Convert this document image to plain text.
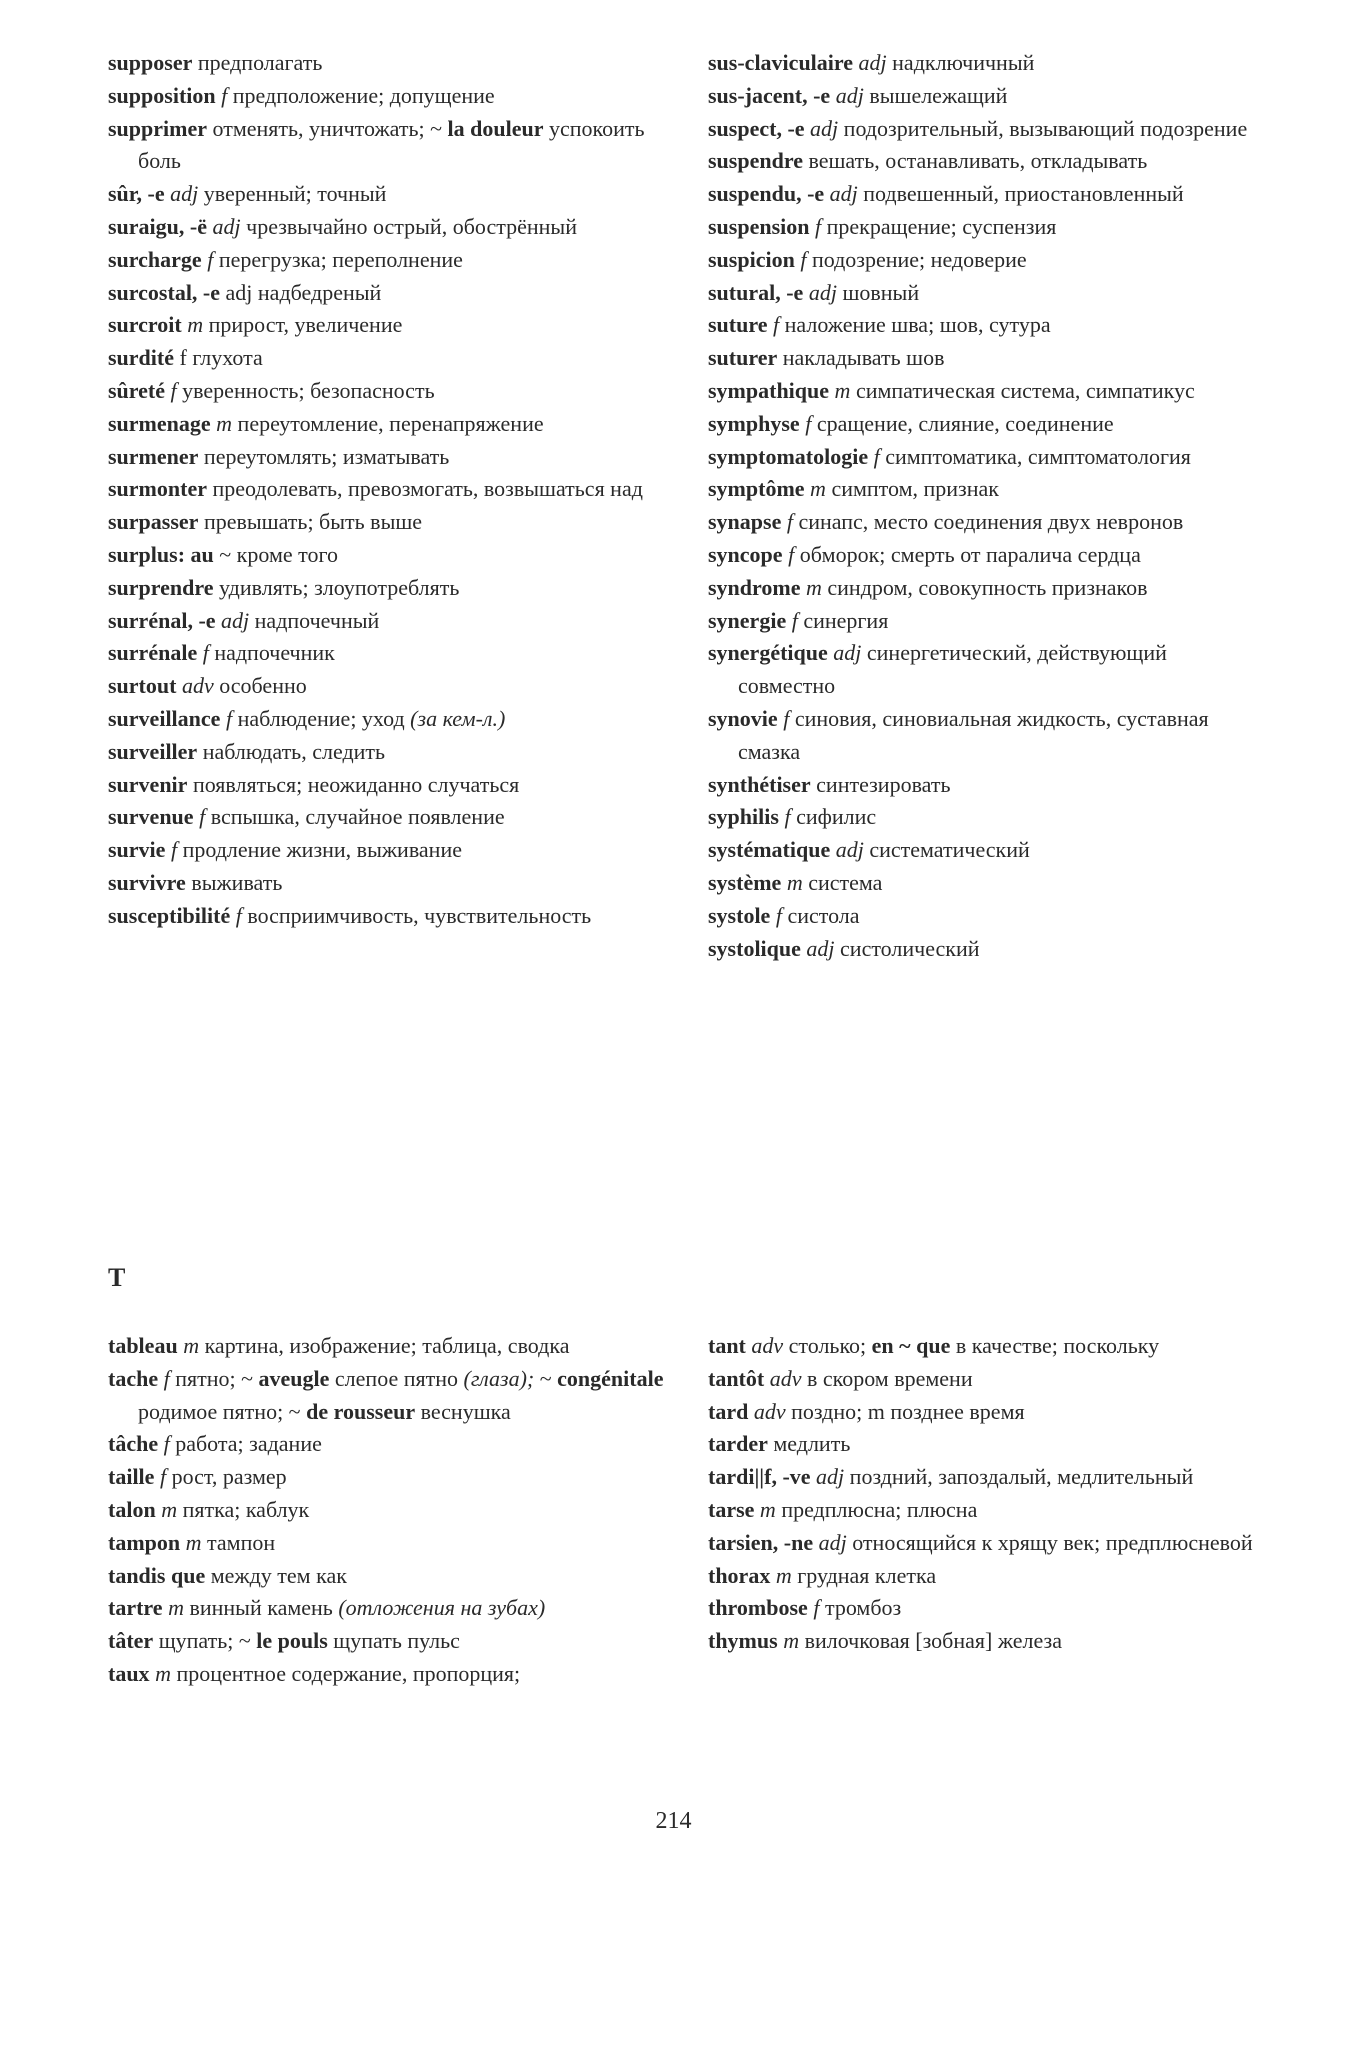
supposer предполагать
supposition f предположение; допущение
supprimer отменять, уничтожать; ~ la douleur успокоить боль
sûr, -e adj уверенный; точный
suraigu, -ë adj чрезвычайно острый, обострённый
surcharge f перегрузка; переполнение
surcostal, -e adj надбедреный
surcroit m прирост, увеличение
surdité f глухота
sûreté f уверенность; безопасность
surmenage m переутомление, перенапряжение
surmener переутомлять; изматывать
surmonter преодолевать, превозмогать, возвышаться над
surpasser превышать; быть выше
surplus: au ~ кроме того
surprendre удивлять; злоупотреблять
surrénal, -e adj надпочечный
surrénale f надпочечник
surtout adv особенно
surveillance f наблюдение; уход (за кем-л.)
surveiller наблюдать, следить
survenir появляться; неожиданно случаться
survenue f вспышка, случайное появление
survie f продление жизни, выживание
survivre выживать
susceptibilité f восприимчивость, чувствительность
sus-claviculaire adj надключичный
sus-jacent, -e adj вышележащий
suspect, -e adj подозрительный, вызывающий подозрение
suspendre вешать, останавливать, откладывать
suspendu, -e adj подвешенный, приостановленный
suspension f прекращение; суспензия
suspicion f подозрение; недоверие
sutural, -e adj шовный
suture f наложение шва; шов, сутура
suturer накладывать шов
sympathique m симпатическая система, симпатикус
symphyse f сращение, слияние, соединение
symptomatologie f симптоматика, симптоматология
symptôme m симптом, признак
synapse f синапс, место соединения двух невронов
syncope f обморок; смерть от паралича сердца
syndrome m синдром, совокупность признаков
synergie f синергия
synergétique adj синергетический, действующий совместно
synovie f синовия, синовиальная жидкость, суставная смазка
synthétiser синтезировать
syphilis f сифилис
systématique adj систематический
système m система
systole f систола
systolique adj систолический
tableau m картина, изображение; таблица, сводка
tache f пятно; ~ aveugle слепое пятно (глаза); ~ congénitale родимое пятно; ~ de rousseur веснушка
tâche f работа; задание
taille f рост, размер
talon m пятка; каблук
tampon m тампон
tandis que между тем как
tartre m винный камень (отложения на зубах)
tâter щупать; ~ le pouls щупать пульс
taux m процентное содержание, пропорция;
tant adv столько; en ~ que в качестве; поскольку
tantôt adv в скором времени
tard adv поздно; m позднее время
tarder медлить
tardi||f, -ve adj поздний, запоздалый, медлительный
tarse m предплюсна; плюсна
tarsien, -ne adj относящийся к хрящу век; предплюсневой
thorax m грудная клетка
thrombose f тромбоз
thymus m вилочковая [зобная] железа
T
214
